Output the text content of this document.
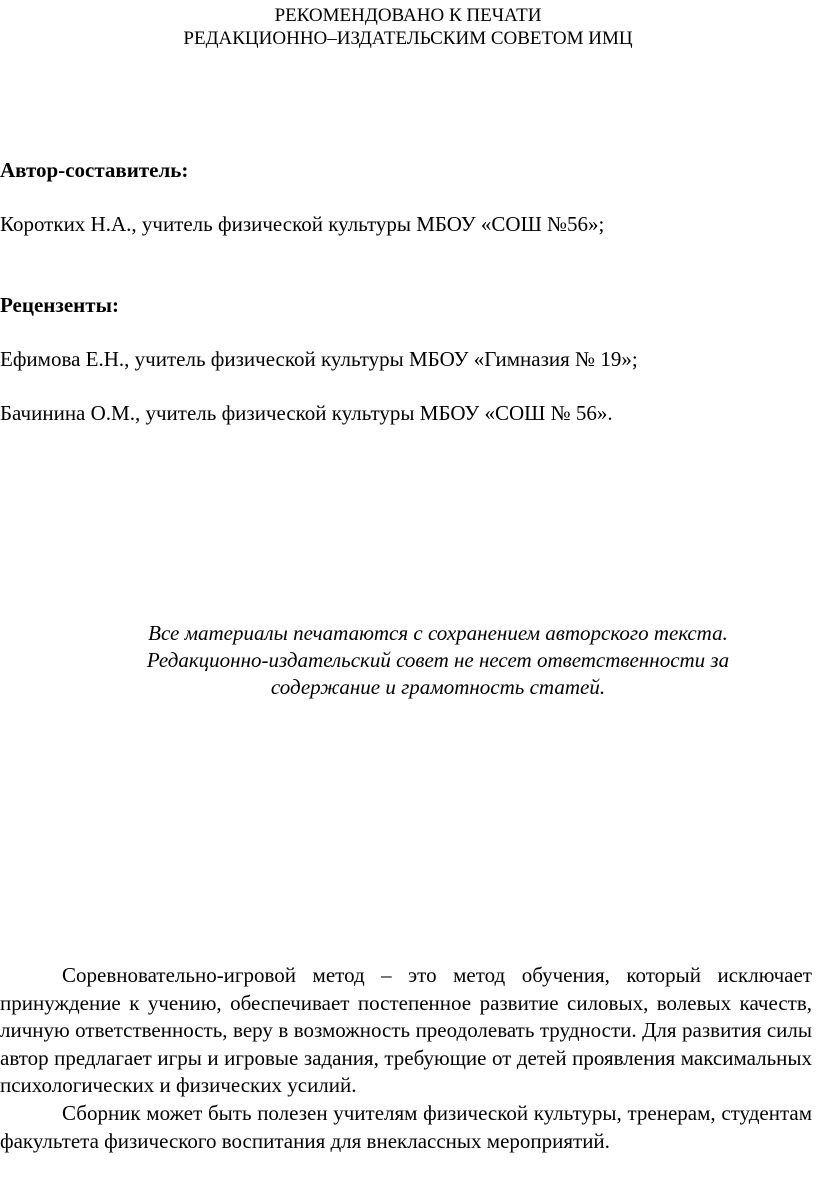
РЕКОМЕНДОВАНО К ПЕЧАТИ
РЕДАКЦИОННО–ИЗДАТЕЛЬСКИМ СОВЕТОМ ИМЦ
Автор-составитель:
Коротких Н.А., учитель физической культуры МБОУ «СОШ №56»;
Рецензенты:
Ефимова Е.Н., учитель физической культуры МБОУ «Гимназия № 19»;
Бачинина О.М., учитель физической культуры МБОУ «СОШ № 56».
Все материалы печатаются с сохранением авторского текста.
Редакционно-издательский совет не несет ответственности за
содержание и грамотность статей.

Соревновательно-игровой метод – это метод обучения, который исключает принуждение к учению, обеспечивает постепенное развитие силовых, волевых качеств, личную ответственность, веру в возможность преодолевать трудности. Для развития силы автор предлагает игры и игровые задания, требующие от детей проявления максимальных психологических и физических усилий.

Сборник может быть полезен учителям физической культуры, тренерам, студентам факультета физического воспитания для внеклассных мероприятий.
